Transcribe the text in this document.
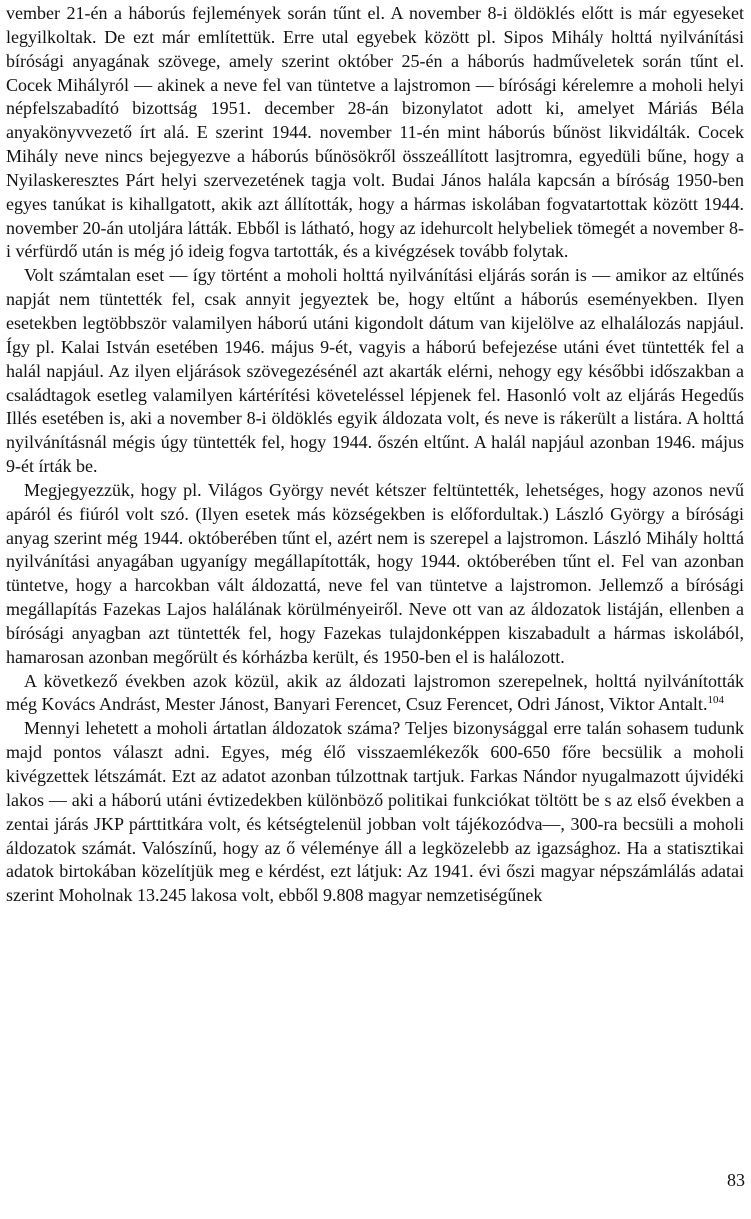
vember 21-én a háborús fejlemények során tűnt el. A november 8-i öldöklés előtt is már egyeseket legyilkoltak. De ezt már említettük. Erre utal egyebek között pl. Sipos Mihály holttá nyilvánítási bírósági anyagának szövege, amely szerint október 25-én a háborús hadműveletek során tűnt el. Cocek Mihályról — akinek a neve fel van tüntetve a lajstromon — bírósági kérelemre a moholi helyi népfelszabadító bizottság 1951. december 28-án bizonylatot adott ki, amelyet Máriás Béla anyakönyvvezető írt alá. E szerint 1944. november 11-én mint háborús bűnöst likvidálták. Cocek Mihály neve nincs bejegyezve a háborús bűnösökről összeállított lasjtromra, egyedüli bűne, hogy a Nyilaskeresztes Párt helyi szervezetének tagja volt. Budai János halála kapcsán a bíróság 1950-ben egyes tanúkat is kihallgatott, akik azt állították, hogy a hármas iskolában fogvatartottak között 1944. november 20-án utoljára látták. Ebből is látható, hogy az idehurcolt helybeliek tömegét a november 8-i vérfürdő után is még jó ideig fogva tartották, és a kivégzések tovább folytak.

Volt számtalan eset — így történt a moholi holttá nyilvánítási eljárás során is — amikor az eltűnés napját nem tüntették fel, csak annyit jegyeztek be, hogy eltűnt a háborús eseményekben. Ilyen esetekben legtöbbször valamilyen háború utáni kigondolt dátum van kijelölve az elhalálozás napjául. Így pl. Kalai István esetében 1946. május 9-ét, vagyis a háború befejezése utáni évet tüntették fel a halál napjául. Az ilyen eljárások szövegezésénél azt akarták elérni, nehogy egy későbbi időszakban a családtagok esetleg valamilyen kártérítési követeléssel lépjenek fel. Hasonló volt az eljárás Hegedűs Illés esetében is, aki a november 8-i öldöklés egyik áldozata volt, és neve is rákerült a listára. A holttá nyilvánításnál mégis úgy tüntették fel, hogy 1944. őszén eltűnt. A halál napjául azonban 1946. május 9-ét írták be.

Megjegyezzük, hogy pl. Világos György nevét kétszer feltüntették, lehetséges, hogy azonos nevű apáról és fiúról volt szó. (Ilyen esetek más községekben is előfordultak.) László György a bírósági anyag szerint még 1944. októberében tűnt el, azért nem is szerepel a lajstromon. László Mihály holttá nyilvánítási anyagában ugyanígy megállapították, hogy 1944. októberében tűnt el. Fel van azonban tüntetve, hogy a harcokban vált áldozattá, neve fel van tüntetve a lajstromon. Jellemző a bírósági megállapítás Fazekas Lajos halálának körülményeiről. Neve ott van az áldozatok listáján, ellenben a bírósági anyagban azt tüntették fel, hogy Fazekas tulajdonképpen kiszabadult a hármas iskolából, hamarosan azonban megőrült és kórházba került, és 1950-ben el is halálozott.

A következő években azok közül, akik az áldozati lajstromon szerepelnek, holttá nyilvánították még Kovács Andrást, Mester Jánost, Banyari Ferencet, Csuz Ferencet, Odri Jánost, Viktor Antalt.$^{104}$

Mennyi lehetett a moholi ártatlan áldozatok száma? Teljes bizonysággal erre talán sohasem tudunk majd pontos választ adni. Egyes, még élő visszaemlékezők 600-650 főre becsülik a moholi kivégzettek létszámát. Ezt az adatot azonban túlzottnak tartjuk. Farkas Nándor nyugalmazott újvidéki lakos — aki a háború utáni évtizedekben különböző politikai funkciókat töltött be s az első években a zentai járás JKP párttitkára volt, és kétségtelenül jobban volt tájékozódva—, 300-ra becsüli a moholi áldozatok számát. Valószínű, hogy az ő véleménye áll a legközelebb az igazsághoz. Ha a statisztikai adatok birtokában közelítjük meg e kérdést, ezt látjuk: Az 1941. évi őszi magyar népszámlálás adatai szerint Moholnak 13.245 lakosa volt, ebből 9.808 magyar nemzetiségűnek

83
